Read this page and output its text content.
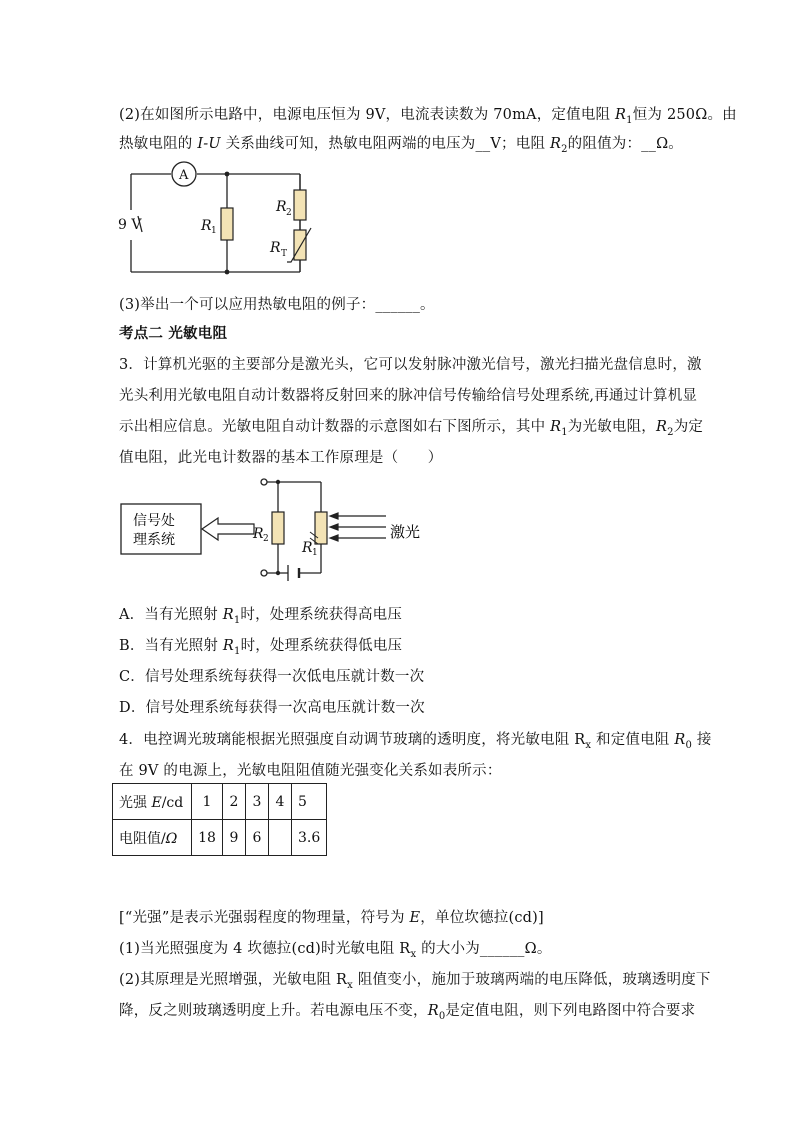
(2)在如图所示电路中，电源电压恒为 9V，电流表读数为 70mA，定值电阻 $R_1$恒为 250Ω。由
热敏电阻的 I-U 关系曲线可知，热敏电阻两端的电压为__V；电阻 $R_2$的阻值为：__Ω。
A
9 V	R 1
R 2
R T
(3)举出一个可以应用热敏电阻的例子：______。
考点二 光敏电阻
3．计算机光驱的主要部分是激光头，它可以发射脉冲激光信号，激光扫描光盘信息时，激
光头利用光敏电阻自动计数器将反射回来的脉冲信号传输给信号处理系统,再通过计算机显
示出相应信息。光敏电阻自动计数器的示意图如右下图所示，其中 $R_1$为光敏电阻，$R_2$为定
值电阻，此光电计数器的基本工作原理是（　　）
信号处
理系统	R 2
R 1
激光
A．当有光照射 $R_1$时，处理系统获得高电压
B．当有光照射 $R_1$时，处理系统获得低电压
C．信号处理系统每获得一次低电压就计数一次
D．信号处理系统每获得一次高电压就计数一次
4．电控调光玻璃能根据光照强度自动调节玻璃的透明度，将光敏电阻 $R_x$ 和定值电阻 $R_0$ 接
在 9V 的电源上，光敏电阻阻值随光强变化关系如表所示：
光强 E/cd	1	2	3	4	5
电阻值/Ω	18	9	6		3.6
[“光强”是表示光强弱程度的物理量，符号为 E，单位坎德拉(cd)]
(1)当光照强度为 4 坎德拉(cd)时光敏电阻 $R_x$ 的大小为______Ω。
(2)其原理是光照增强，光敏电阻 $R_x$ 阻值变小，施加于玻璃两端的电压降低，玻璃透明度下
降，反之则玻璃透明度上升。若电源电压不变，$R_0$是定值电阻，则下列电路图中符合要求
